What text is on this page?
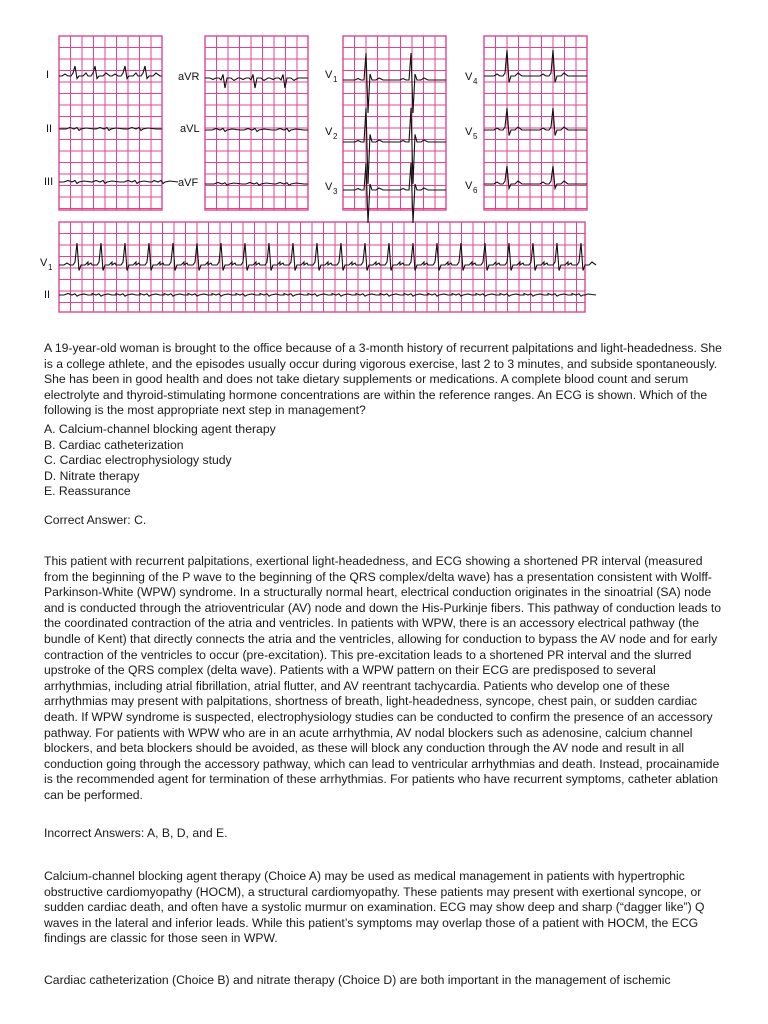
I
II
III
aVR
aVL
aVF
V 1
V 2
V 3
V 4
V 5
V 6
V 1
II
A 19-year-old woman is brought to the office because of a 3-month history of recurrent palpitations and light-headedness. She is a college athlete, and the episodes usually occur during vigorous exercise, last 2 to 3 minutes, and subside spontaneously. She has been in good health and does not take dietary supplements or medications. A complete blood count and serum electrolyte and thyroid-stimulating hormone concentrations are within the reference ranges. An ECG is shown. Which of the following is the most appropriate next step in management?
A. Calcium-channel blocking agent therapy
B. Cardiac catheterization
C. Cardiac electrophysiology study
D. Nitrate therapy
E. Reassurance
Correct Answer: C.
This patient with recurrent palpitations, exertional light-headedness, and ECG showing a shortened PR interval (measured from the beginning of the P wave to the beginning of the QRS complex/delta wave) has a presentation consistent with Wolff-Parkinson-White (WPW) syndrome. In a structurally normal heart, electrical conduction originates in the sinoatrial (SA) node and is conducted through the atrioventricular (AV) node and down the His-Purkinje fibers. This pathway of conduction leads to the coordinated contraction of the atria and ventricles. In patients with WPW, there is an accessory electrical pathway (the bundle of Kent) that directly connects the atria and the ventricles, allowing for conduction to bypass the AV node and for early contraction of the ventricles to occur (pre-excitation). This pre-excitation leads to a shortened PR interval and the slurred upstroke of the QRS complex (delta wave). Patients with a WPW pattern on their ECG are predisposed to several arrhythmias, including atrial fibrillation, atrial flutter, and AV reentrant tachycardia. Patients who develop one of these arrhythmias may present with palpitations, shortness of breath, light-headedness, syncope, chest pain, or sudden cardiac death. If WPW syndrome is suspected, electrophysiology studies can be conducted to confirm the presence of an accessory pathway. For patients with WPW who are in an acute arrhythmia, AV nodal blockers such as adenosine, calcium channel blockers, and beta blockers should be avoided, as these will block any conduction through the AV node and result in all conduction going through the accessory pathway, which can lead to ventricular arrhythmias and death. Instead, procainamide is the recommended agent for termination of these arrhythmias. For patients who have recurrent symptoms, catheter ablation can be performed.
Incorrect Answers: A, B, D, and E.
Calcium-channel blocking agent therapy (Choice A) may be used as medical management in patients with hypertrophic obstructive cardiomyopathy (HOCM), a structural cardiomyopathy. These patients may present with exertional syncope, or sudden cardiac death, and often have a systolic murmur on examination. ECG may show deep and sharp (“dagger like”) Q waves in the lateral and inferior leads. While this patient’s symptoms may overlap those of a patient with HOCM, the ECG findings are classic for those seen in WPW.
Cardiac catheterization (Choice B) and nitrate therapy (Choice D) are both important in the management of ischemic
